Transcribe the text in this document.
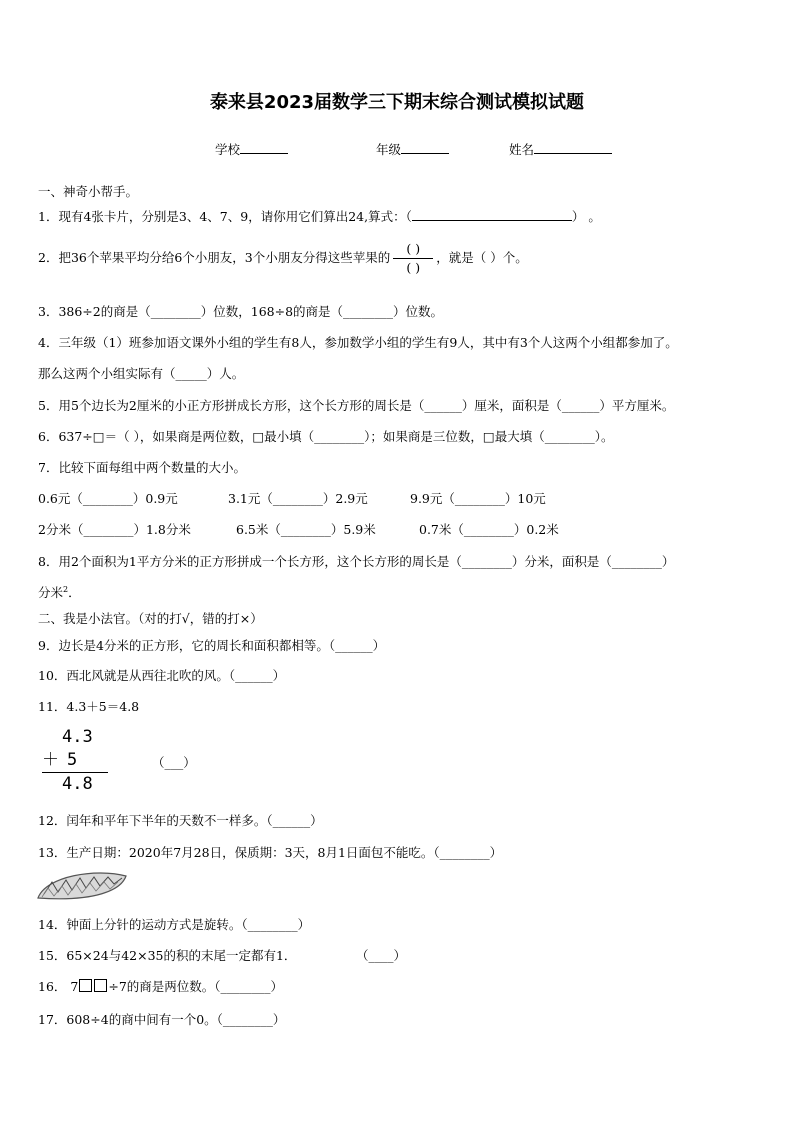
泰来县2023届数学三下期末综合测试模拟试题
学校	年级	姓名
一、神奇小帮手。
1．现有4张卡片，分别是3、4、7、9，请你用它们算出24,算式：（	） 。
2．把36个苹果平均分给6个小朋友，3个小朋友分得这些苹果的 $\frac{( )}{( )}$ ，就是（ ）个。
3．386÷2的商是（________）位数，168÷8的商是（________）位数。
4．三年级（1）班参加语文课外小组的学生有8人，参加数学小组的学生有9人，其中有3个人这两个小组都参加了。
那么这两个小组实际有（_____）人。
5．用5个边长为2厘米的小正方形拼成长方形，这个长方形的周长是（______）厘米，面积是（______）平方厘米。
6．637÷□＝（ ），如果商是两位数，□最小填（________）；如果商是三位数，□最大填（________）。
7．比较下面每组中两个数量的大小。
0.6元（________）0.9元	3.1元（________）2.9元	9.9元（________）10元
2分米（________）1.8分米	6.5米（________）5.9米	0.7米（________）0.2米
8．用2个面积为1平方分米的正方形拼成一个长方形，这个长方形的周长是（________）分米，面积是（________）
分米$^2$．
二、我是小法官。（对的打√，错的打×）
9．边长是4分米的正方形，它的周长和面积都相等。（______）
10．西北风就是从西往北吹的风。（______）
11．4.3＋5＝4.8
4.3
＋ 5
4.8
（___）
12．闰年和平年下半年的天数不一样多。（______）
13．生产日期：2020年7月28日，保质期：3天，8月1日面包不能吃。（________）
14．钟面上分针的运动方式是旋转。（________）
15．65×24与42×35的积的末尾一定都有1．	（____）
16． 7 ÷7的商是两位数。（________）
17．608÷4的商中间有一个0。（________）
